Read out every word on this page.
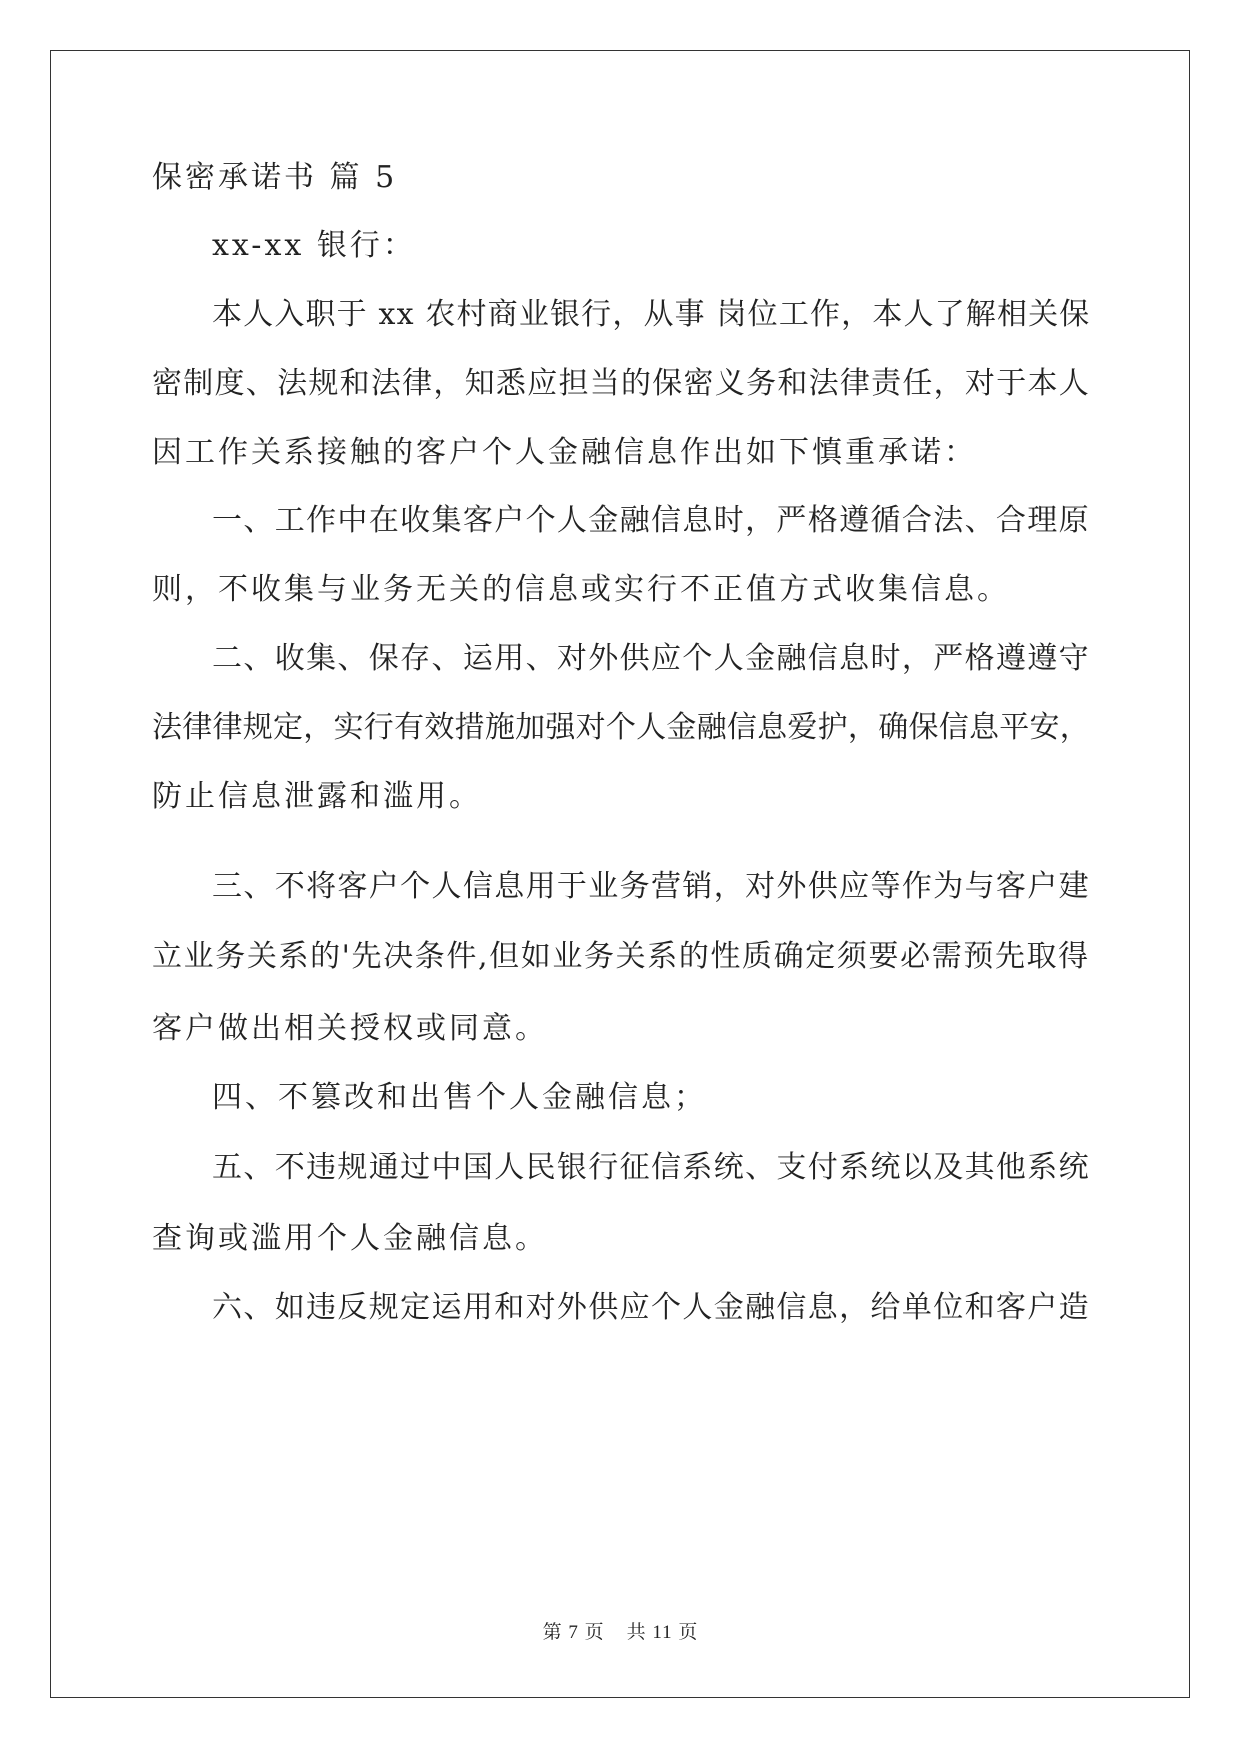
保密承诺书 篇 5
xx-xx 银行：
本人入职于 xx 农村商业银行，从事 岗位工作，本人了解相关保
密制度、法规和法律，知悉应担当的保密义务和法律责任，对于本人
因工作关系接触的客户个人金融信息作出如下慎重承诺：
一、工作中在收集客户个人金融信息时，严格遵循合法、合理原
则，不收集与业务无关的信息或实行不正值方式收集信息。
二、收集、保存、运用、对外供应个人金融信息时，严格遵遵守
法律律规定，实行有效措施加强对个人金融信息爱护，确保信息平安，
防止信息泄露和滥用。
三、不将客户个人信息用于业务营销，对外供应等作为与客户建
立业务关系的'先决条件,但如业务关系的性质确定须要必需预先取得
客户做出相关授权或同意。
四、不篡改和出售个人金融信息；
五、不违规通过中国人民银行征信系统、支付系统以及其他系统
查询或滥用个人金融信息。
六、如违反规定运用和对外供应个人金融信息，给单位和客户造
第 7 页 共 11 页
